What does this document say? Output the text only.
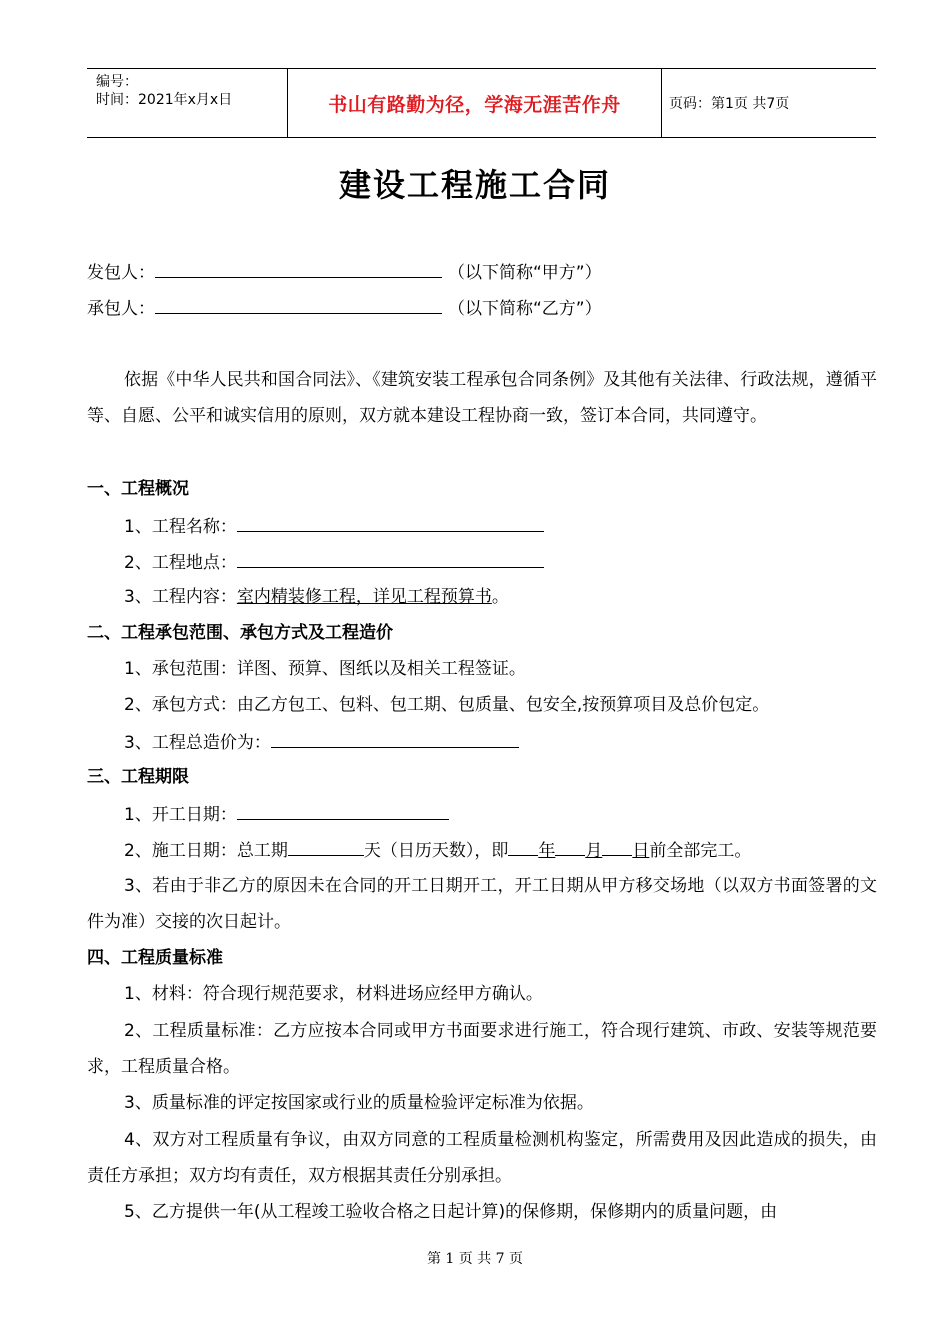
编号：
时间：2021年x月x日	书山有路勤为径，学海无涯苦作舟	页码：第1页 共7页
建设工程施工合同
发包人：	（以下简称“甲方”）
承包人：	（以下简称“乙方”）
依据《中华人民共和国合同法》、《建筑安装工程承包合同条例》及其他有关法律、行政法规，遵循平等、自愿、公平和诚实信用的原则，双方就本建设工程协商一致，签订本合同，共同遵守。
一、工程概况
1、工程名称：
2、工程地点：
3、工程内容：室内精装修工程，详见工程预算书。
二、工程承包范围、承包方式及工程造价
1、承包范围：详图、预算、图纸以及相关工程签证。
2、承包方式：由乙方包工、包料、包工期、包质量、包安全,按预算项目及总价包定。
3、工程总造价为：
三、工程期限
1、开工日期：
2、施工日期：总工期	天（日历天数），即 年 月 日前全部完工。
3、若由于非乙方的原因未在合同的开工日期开工，开工日期从甲方移交场地（以双方书面签署的文件为准）交接的次日起计。
四、工程质量标准
1、材料：符合现行规范要求，材料进场应经甲方确认。
2、工程质量标准：乙方应按本合同或甲方书面要求进行施工，符合现行建筑、市政、安装等规范要求，工程质量合格。
3、质量标准的评定按国家或行业的质量检验评定标准为依据。
4、双方对工程质量有争议，由双方同意的工程质量检测机构鉴定，所需费用及因此造成的损失，由责任方承担；双方均有责任，双方根据其责任分别承担。
5、乙方提供一年(从工程竣工验收合格之日起计算)的保修期，保修期内的质量问题，由
第 1 页 共 7 页
